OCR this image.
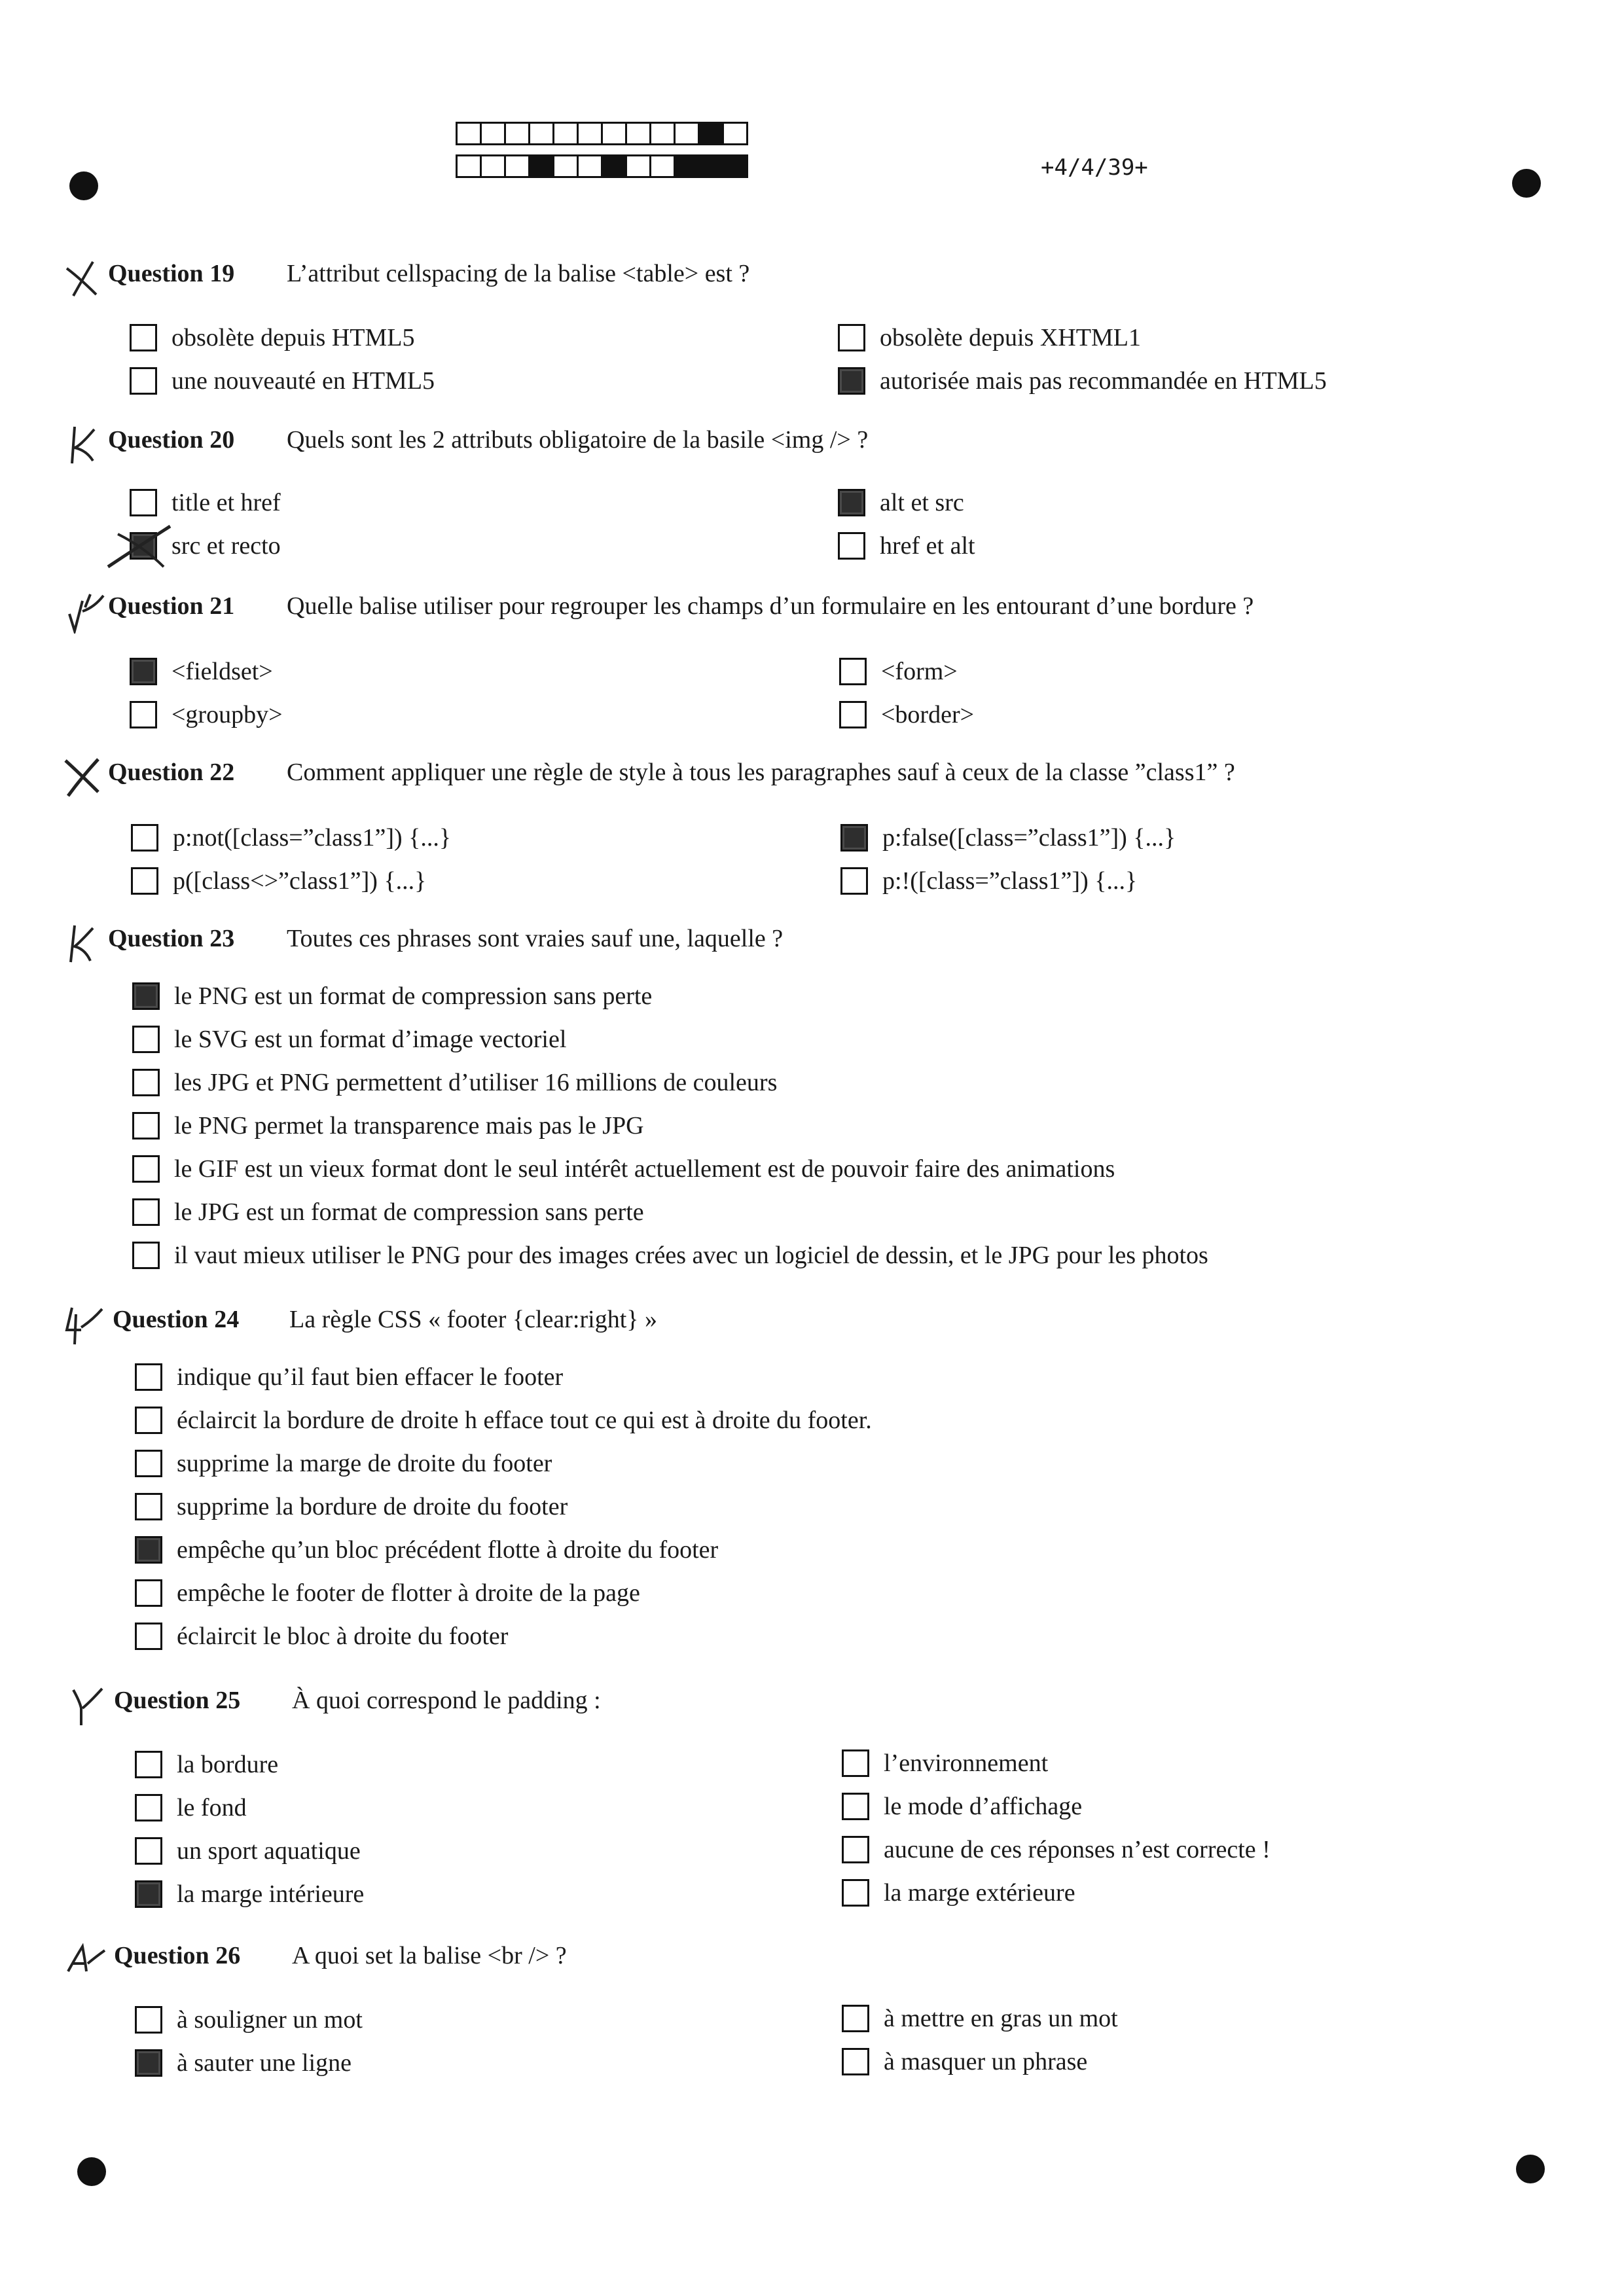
+4/4/39+
Question 19 L’attribut cellspacing de la balise <table> est ?
obsolète depuis HTML5
une nouveauté en HTML5
obsolète depuis XHTML1
autorisée mais pas recommandée en HTML5
Question 20 Quels sont les 2 attributs obligatoire de la basile <img /> ?
title et href
src et recto
alt et src
href et alt
Question 21 Quelle balise utiliser pour regrouper les champs d’un formulaire en les entourant d’une bordure ?
<fieldset>
<groupby>
<form>
<border>
Question 22 Comment appliquer une règle de style à tous les paragraphes sauf à ceux de la classe ”class1” ?
p:not([class=”class1”]) {...}
p([class<>”class1”]) {...}
p:false([class=”class1”]) {...}
p:!([class=”class1”]) {...}
Question 23 Toutes ces phrases sont vraies sauf une, laquelle ?
le PNG est un format de compression sans perte
le SVG est un format d’image vectoriel
les JPG et PNG permettent d’utiliser 16 millions de couleurs
le PNG permet la transparence mais pas le JPG
le GIF est un vieux format dont le seul intérêt actuellement est de pouvoir faire des animations
le JPG est un format de compression sans perte
il vaut mieux utiliser le PNG pour des images crées avec un logiciel de dessin, et le JPG pour les photos
Question 24 La règle CSS « footer {clear:right} »
indique qu’il faut bien effacer le footer
éclaircit la bordure de droite h efface tout ce qui est à droite du footer.
supprime la marge de droite du footer
supprime la bordure de droite du footer
empêche qu’un bloc précédent flotte à droite du footer
empêche le footer de flotter à droite de la page
éclaircit le bloc à droite du footer
Question 25 À quoi correspond le padding :
la bordure
le fond
un sport aquatique
la marge intérieure
l’environnement
le mode d’affichage
aucune de ces réponses n’est correcte !
la marge extérieure
Question 26 A quoi set la balise <br /> ?
à souligner un mot
à sauter une ligne
à mettre en gras un mot
à masquer un phrase
